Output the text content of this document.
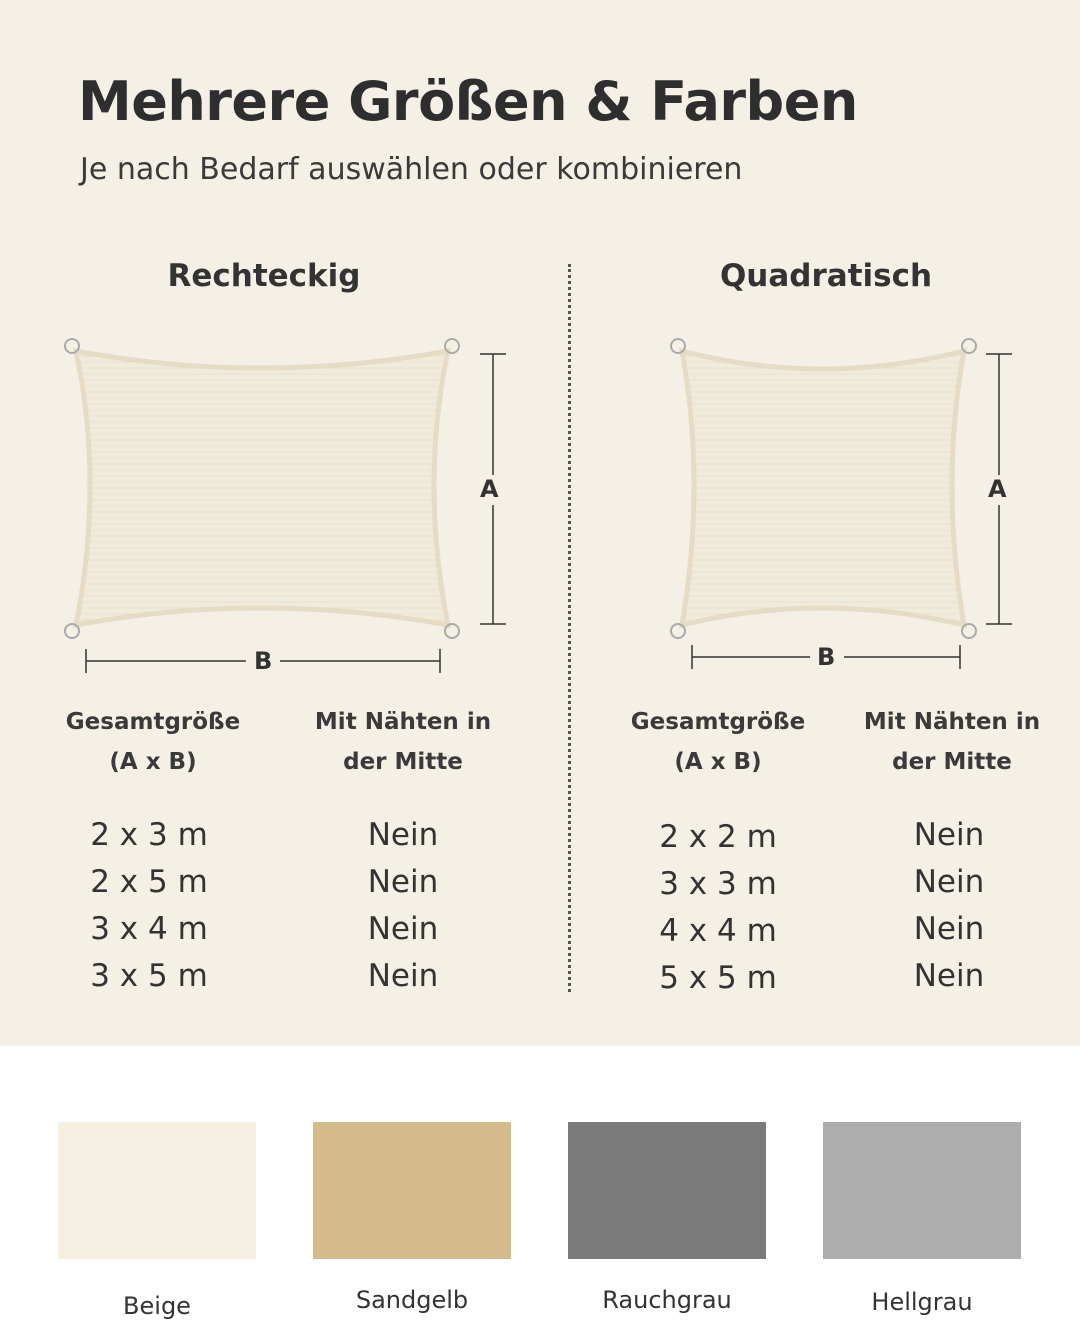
Mehrere Größen & Farben
Je nach Bedarf auswählen oder kombinieren
Rechteckig
A
B
Gesamtgröße
(A x B)
Mit Nähten in
der Mitte
2 x 3 m	Nein
2 x 5 m	Nein
3 x 4 m	Nein
3 x 5 m	Nein
Quadratisch
A
B
Gesamtgröße
(A x B)
Mit Nähten in
der Mitte
2 x 2 m	Nein
3 x 3 m	Nein
4 x 4 m	Nein
5 x 5 m	Nein
Beige	Sandgelb	Rauchgrau	Hellgrau
